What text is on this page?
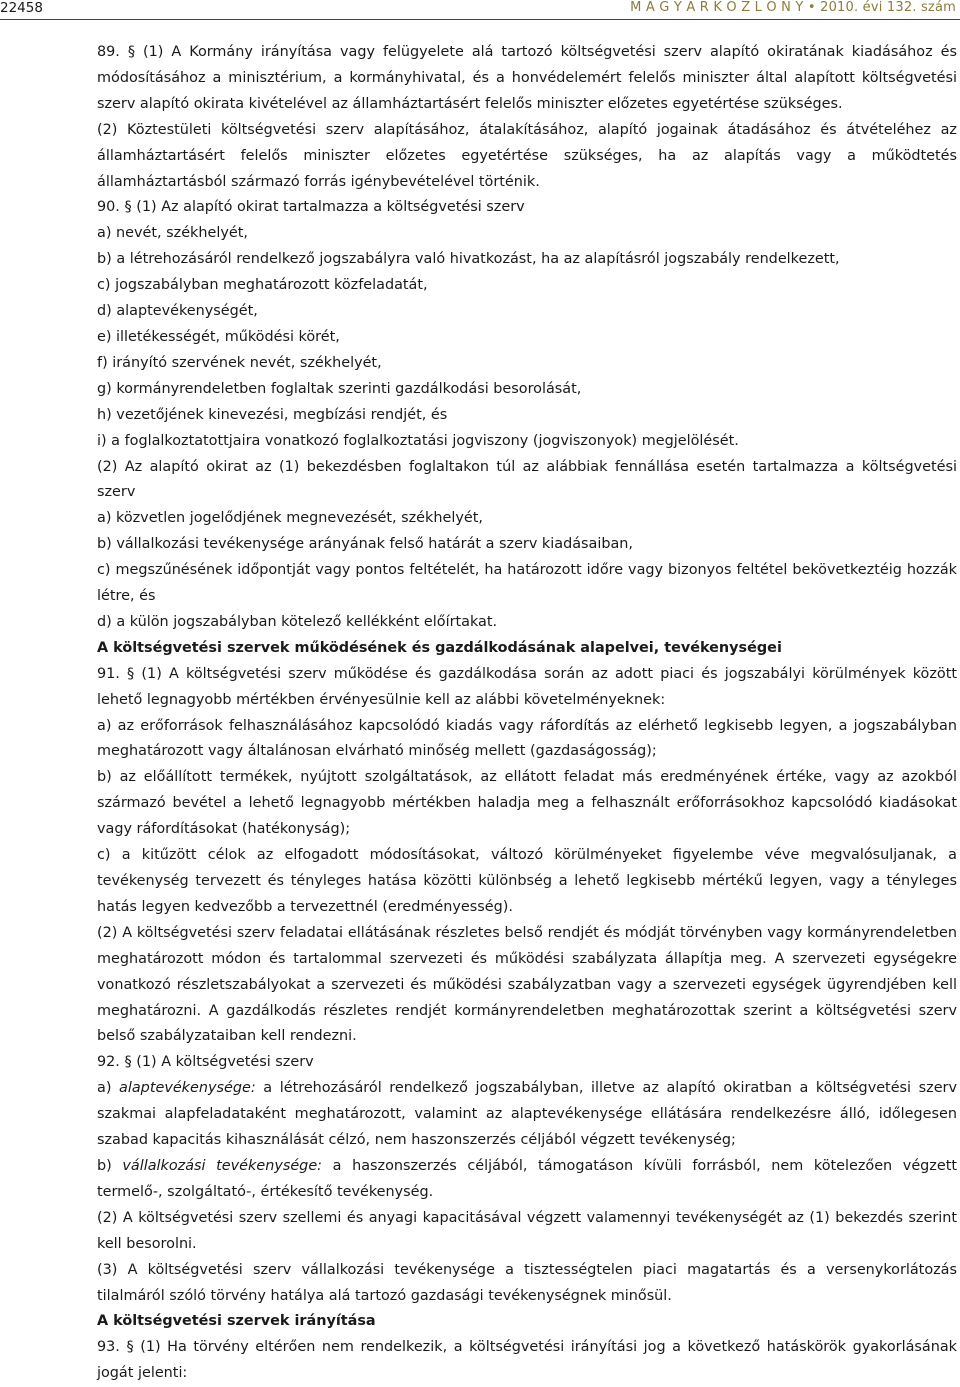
22458	M A G Y A R K Ö Z L Ö N Y • 2010. évi 132. szám

89. § (1) A Kormány irányítása vagy felügyelete alá tartozó költségvetési szerv alapító okiratának kiadásához és módosításához a minisztérium, a kormányhivatal, és a honvédelemért felelős miniszter által alapított költségvetési szerv alapító okirata kivételével az államháztartásért felelős miniszter előzetes egyetértése szükséges.

(2) Köztestületi költségvetési szerv alapításához, átalakításához, alapító jogainak átadásához és átvételéhez az államháztartásért felelős miniszter előzetes egyetértése szükséges, ha az alapítás vagy a működtetés államháztartásból származó forrás igénybevételével történik.

90. § (1) Az alapító okirat tartalmazza a költségvetési szerv

a) nevét, székhelyét,

b) a létrehozásáról rendelkező jogszabályra való hivatkozást, ha az alapításról jogszabály rendelkezett,

c) jogszabályban meghatározott közfeladatát,

d) alaptevékenységét,

e) illetékességét, működési körét,

f) irányító szervének nevét, székhelyét,

g) kormányrendeletben foglaltak szerinti gazdálkodási besorolását,

h) vezetőjének kinevezési, megbízási rendjét, és

i) a foglalkoztatottjaira vonatkozó foglalkoztatási jogviszony (jogviszonyok) megjelölését.

(2) Az alapító okirat az (1) bekezdésben foglaltakon túl az alábbiak fennállása esetén tartalmazza a költségvetési szerv

a) közvetlen jogelődjének megnevezését, székhelyét,

b) vállalkozási tevékenysége arányának felső határát a szerv kiadásaiban,

c) megszűnésének időpontját vagy pontos feltételét, ha határozott időre vagy bizonyos feltétel bekövetkeztéig hozzák létre, és

d) a külön jogszabályban kötelező kellékként előírtakat.

A költségvetési szervek működésének és gazdálkodásának alapelvei, tevékenységei

91. § (1) A költségvetési szerv működése és gazdálkodása során az adott piaci és jogszabályi körülmények között lehető legnagyobb mértékben érvényesülnie kell az alábbi követelményeknek:

a) az erőforrások felhasználásához kapcsolódó kiadás vagy ráfordítás az elérhető legkisebb legyen, a jogszabályban meghatározott vagy általánosan elvárható minőség mellett (gazdaságosság);

b) az előállított termékek, nyújtott szolgáltatások, az ellátott feladat más eredményének értéke, vagy az azokból származó bevétel a lehető legnagyobb mértékben haladja meg a felhasznált erőforrásokhoz kapcsolódó kiadásokat vagy ráfordításokat (hatékonyság);

c) a kitűzött célok az elfogadott módosításokat, változó körülményeket figyelembe véve megvalósuljanak, a tevékenység tervezett és tényleges hatása közötti különbség a lehető legkisebb mértékű legyen, vagy a tényleges hatás legyen kedvezőbb a tervezettnél (eredményesség).

(2) A költségvetési szerv feladatai ellátásának részletes belső rendjét és módját törvényben vagy kormányrendeletben meghatározott módon és tartalommal szervezeti és működési szabályzata állapítja meg. A szervezeti egységekre vonatkozó részletszabályokat a szervezeti és működési szabályzatban vagy a szervezeti egységek ügyrendjében kell meghatározni. A gazdálkodás részletes rendjét kormányrendeletben meghatározottak szerint a költségvetési szerv belső szabályzataiban kell rendezni.

92. § (1) A költségvetési szerv

a) alaptevékenysége: a létrehozásáról rendelkező jogszabályban, illetve az alapító okiratban a költségvetési szerv szakmai alapfeladataként meghatározott, valamint az alaptevékenysége ellátására rendelkezésre álló, időlegesen szabad kapacitás kihasználását célzó, nem haszonszerzés céljából végzett tevékenység;

b) vállalkozási tevékenysége: a haszonszerzés céljából, támogatáson kívüli forrásból, nem kötelezően végzett termelő-, szolgáltató-, értékesítő tevékenység.

(2) A költségvetési szerv szellemi és anyagi kapacitásával végzett valamennyi tevékenységét az (1) bekezdés szerint kell besorolni.

(3) A költségvetési szerv vállalkozási tevékenysége a tisztességtelen piaci magatartás és a versenykorlátozás tilalmáról szóló törvény hatálya alá tartozó gazdasági tevékenységnek minősül.

A költségvetési szervek irányítása

93. § (1) Ha törvény eltérően nem rendelkezik, a költségvetési irányítási jog a következő hatáskörök gyakorlásának jogát jelenti:
